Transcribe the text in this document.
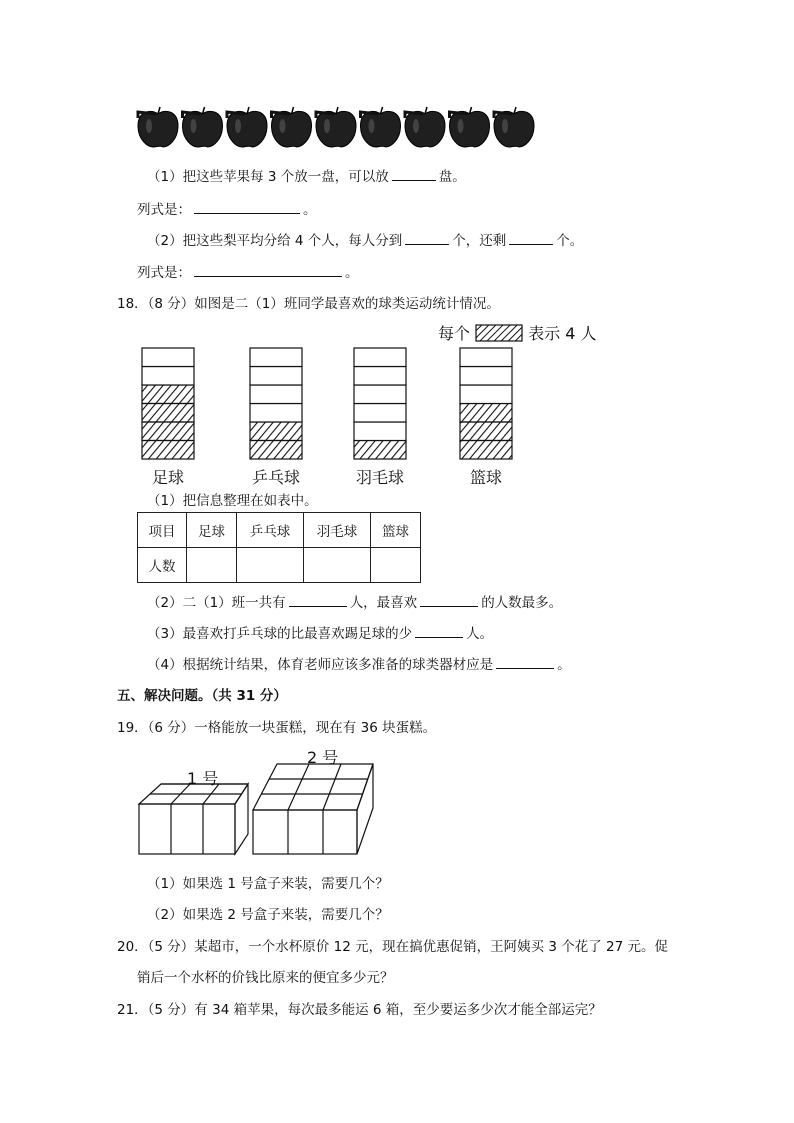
（1）把这些苹果每 3 个放一盘，可以放	盘。
列式是：	。
（2）把这些梨平均分给 4 个人，每人分到	个，还剩	个。
列式是：	。
18．（8 分）如图是二（1）班同学最喜欢的球类运动统计情况。
每个	表示 4 人
足球	乒乓球	羽毛球	篮球
（1）把信息整理在如表中。
项目	足球	乒乓球	羽毛球	篮球
人数				
（2）二（1）班一共有	人，最喜欢	的人数最多。
（3）最喜欢打乒乓球的比最喜欢踢足球的少	人。
（4）根据统计结果，体育老师应该多准备的球类器材应是	。
五、解决问题。（共 31 分）
19．（6 分）一格能放一块蛋糕，现在有 36 块蛋糕。
1 号
2 号
（1）如果选 1 号盒子来装，需要几个？
（2）如果选 2 号盒子来装，需要几个？
20．（5 分）某超市，一个水杯原价 12 元，现在搞优惠促销，王阿姨买 3 个花了 27 元。促
销后一个水杯的价钱比原来的便宜多少元？
21．（5 分）有 34 箱苹果，每次最多能运 6 箱，至少要运多少次才能全部运完？
